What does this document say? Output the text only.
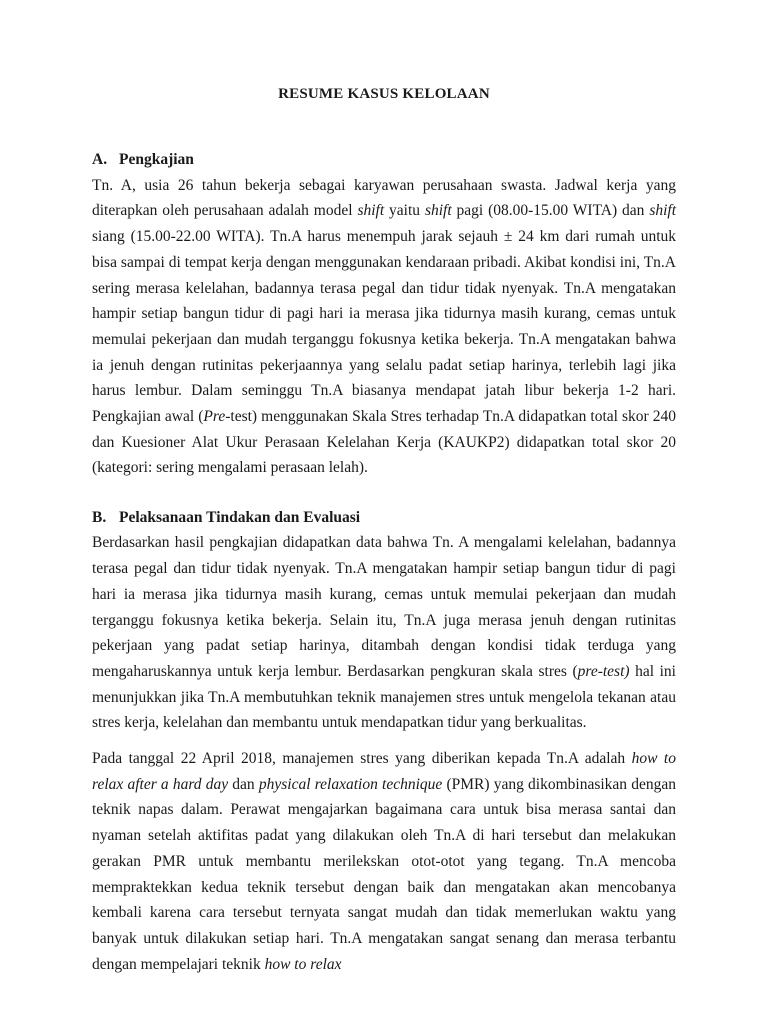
RESUME KASUS KELOLAAN
A. Pengkajian

Tn. A, usia 26 tahun bekerja sebagai karyawan perusahaan swasta. Jadwal kerja yang diterapkan oleh perusahaan adalah model shift yaitu shift pagi (08.00-15.00 WITA) dan shift siang (15.00-22.00 WITA). Tn.A harus menempuh jarak sejauh ± 24 km dari rumah untuk bisa sampai di tempat kerja dengan menggunakan kendaraan pribadi. Akibat kondisi ini, Tn.A sering merasa kelelahan, badannya terasa pegal dan tidur tidak nyenyak. Tn.A mengatakan hampir setiap bangun tidur di pagi hari ia merasa jika tidurnya masih kurang, cemas untuk memulai pekerjaan dan mudah terganggu fokusnya ketika bekerja. Tn.A mengatakan bahwa ia jenuh dengan rutinitas pekerjaannya yang selalu padat setiap harinya, terlebih lagi jika harus lembur. Dalam seminggu Tn.A biasanya mendapat jatah libur bekerja 1-2 hari. Pengkajian awal (Pre-test) menggunakan Skala Stres terhadap Tn.A didapatkan total skor 240 dan Kuesioner Alat Ukur Perasaan Kelelahan Kerja (KAUKP2) didapatkan total skor 20 (kategori: sering mengalami perasaan lelah).

B. Pelaksanaan Tindakan dan Evaluasi

Berdasarkan hasil pengkajian didapatkan data bahwa Tn. A mengalami kelelahan, badannya terasa pegal dan tidur tidak nyenyak. Tn.A mengatakan hampir setiap bangun tidur di pagi hari ia merasa jika tidurnya masih kurang, cemas untuk memulai pekerjaan dan mudah terganggu fokusnya ketika bekerja. Selain itu, Tn.A juga merasa jenuh dengan rutinitas pekerjaan yang padat setiap harinya, ditambah dengan kondisi tidak terduga yang mengaharuskannya untuk kerja lembur. Berdasarkan pengkuran skala stres (pre-test) hal ini menunjukkan jika Tn.A membutuhkan teknik manajemen stres untuk mengelola tekanan atau stres kerja, kelelahan dan membantu untuk mendapatkan tidur yang berkualitas.

Pada tanggal 22 April 2018, manajemen stres yang diberikan kepada Tn.A adalah how to relax after a hard day dan physical relaxation technique (PMR) yang dikombinasikan dengan teknik napas dalam. Perawat mengajarkan bagaimana cara untuk bisa merasa santai dan nyaman setelah aktifitas padat yang dilakukan oleh Tn.A di hari tersebut dan melakukan gerakan PMR untuk membantu merilekskan otot-otot yang tegang. Tn.A mencoba mempraktekkan kedua teknik tersebut dengan baik dan mengatakan akan mencobanya kembali karena cara tersebut ternyata sangat mudah dan tidak memerlukan waktu yang banyak untuk dilakukan setiap hari. Tn.A mengatakan sangat senang dan merasa terbantu dengan mempelajari teknik how to relax
